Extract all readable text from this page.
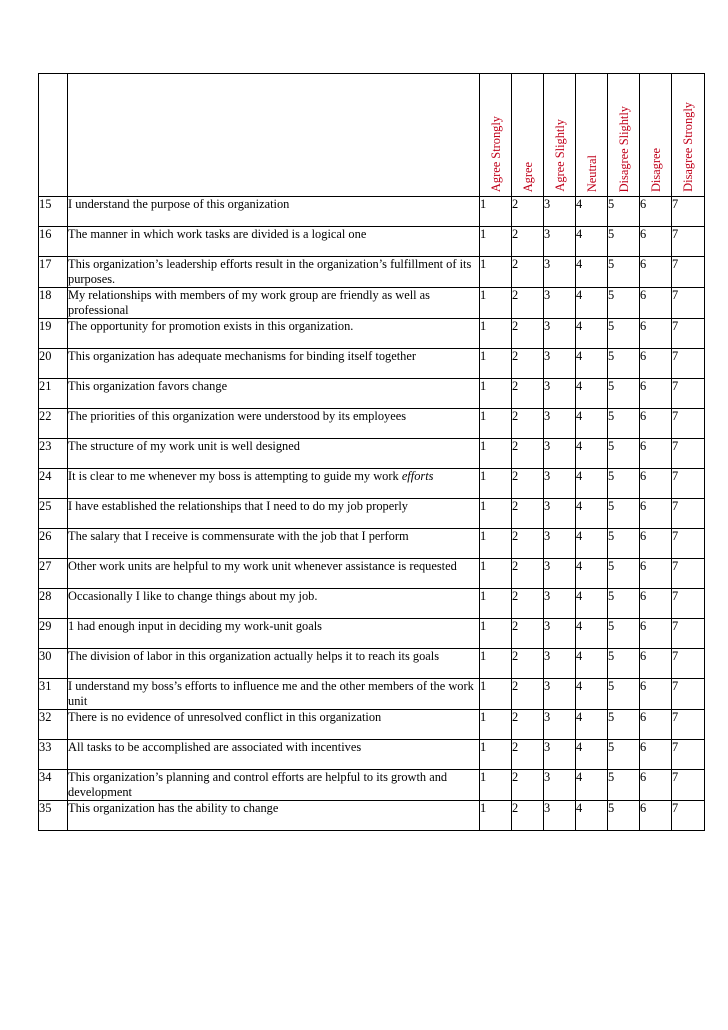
		Agree Strongly	Agree	Agree Slightly	Neutral	Disagree Slightly	Disagree	Disagree Strongly
15	I understand the purpose of this organization	1	2	3	4	5	6	7
16	The manner in which work tasks are divided is a logical one	1	2	3	4	5	6	7
17	This organization’s leadership efforts result in the organization’s fulfillment of its purposes.	1	2	3	4	5	6	7
18	My relationships with members of my work group are friendly as well as professional	1	2	3	4	5	6	7
19	The opportunity for promotion exists in this organization.	1	2	3	4	5	6	7
20	This organization has adequate mechanisms for binding itself together	1	2	3	4	5	6	7
21	This organization favors change	1	2	3	4	5	6	7
22	The priorities of this organization were understood by its employees	1	2	3	4	5	6	7
23	The structure of my work unit is well designed	1	2	3	4	5	6	7
24	It is clear to me whenever my boss is attempting to guide my work efforts	1	2	3	4	5	6	7
25	I have established the relationships that I need to do my job properly	1	2	3	4	5	6	7
26	The salary that I receive is commensurate with the job that I perform	1	2	3	4	5	6	7
27	Other work units are helpful to my work unit whenever assistance is requested	1	2	3	4	5	6	7
28	Occasionally I like to change things about my job.	1	2	3	4	5	6	7
29	1 had enough input in deciding my work-unit goals	1	2	3	4	5	6	7
30	The division of labor in this organization actually helps it to reach its goals	1	2	3	4	5	6	7
31	I understand my boss’s efforts to influence me and the other members of the work unit	1	2	3	4	5	6	7
32	There is no evidence of unresolved conflict in this organization	1	2	3	4	5	6	7
33	All tasks to be accomplished are associated with incentives	1	2	3	4	5	6	7
34	This organization’s planning and control efforts are helpful to its growth and development	1	2	3	4	5	6	7
35	This organization has the ability to change	1	2	3	4	5	6	7
